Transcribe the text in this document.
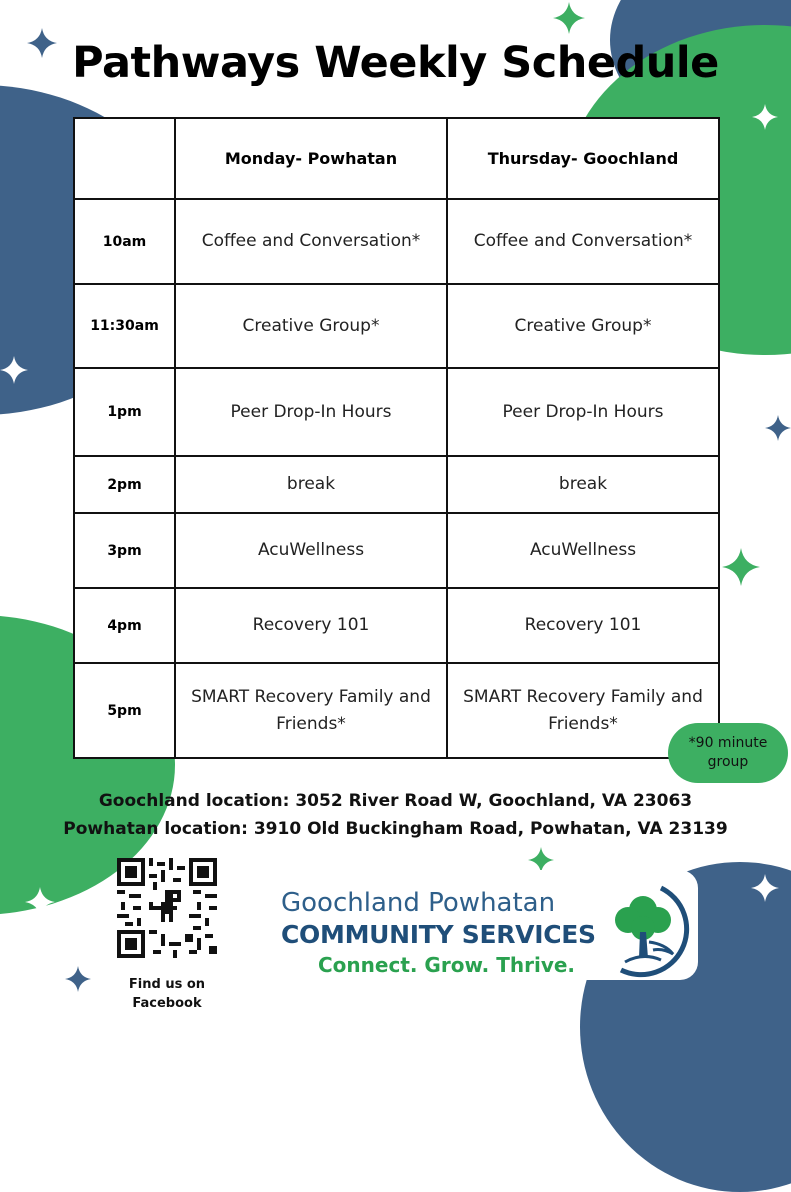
Pathways Weekly Schedule
	Monday- Powhatan	Thursday- Goochland
10am	Coffee and Conversation*	Coffee and Conversation*
11:30am	Creative Group*	Creative Group*
1pm	Peer Drop-In Hours	Peer Drop-In Hours
2pm	break	break
3pm	AcuWellness	AcuWellness
4pm	Recovery 101	Recovery 101
5pm	SMART Recovery Family and Friends*	SMART Recovery Family and Friends*
*90 minute group
Goochland location: 3052 River Road W, Goochland, VA 23063
Powhatan location: 3910 Old Buckingham Road, Powhatan, VA 23139
Find us on Facebook
Goochland Powhatan
COMMUNITY SERVICES
Connect. Grow. Thrive.
